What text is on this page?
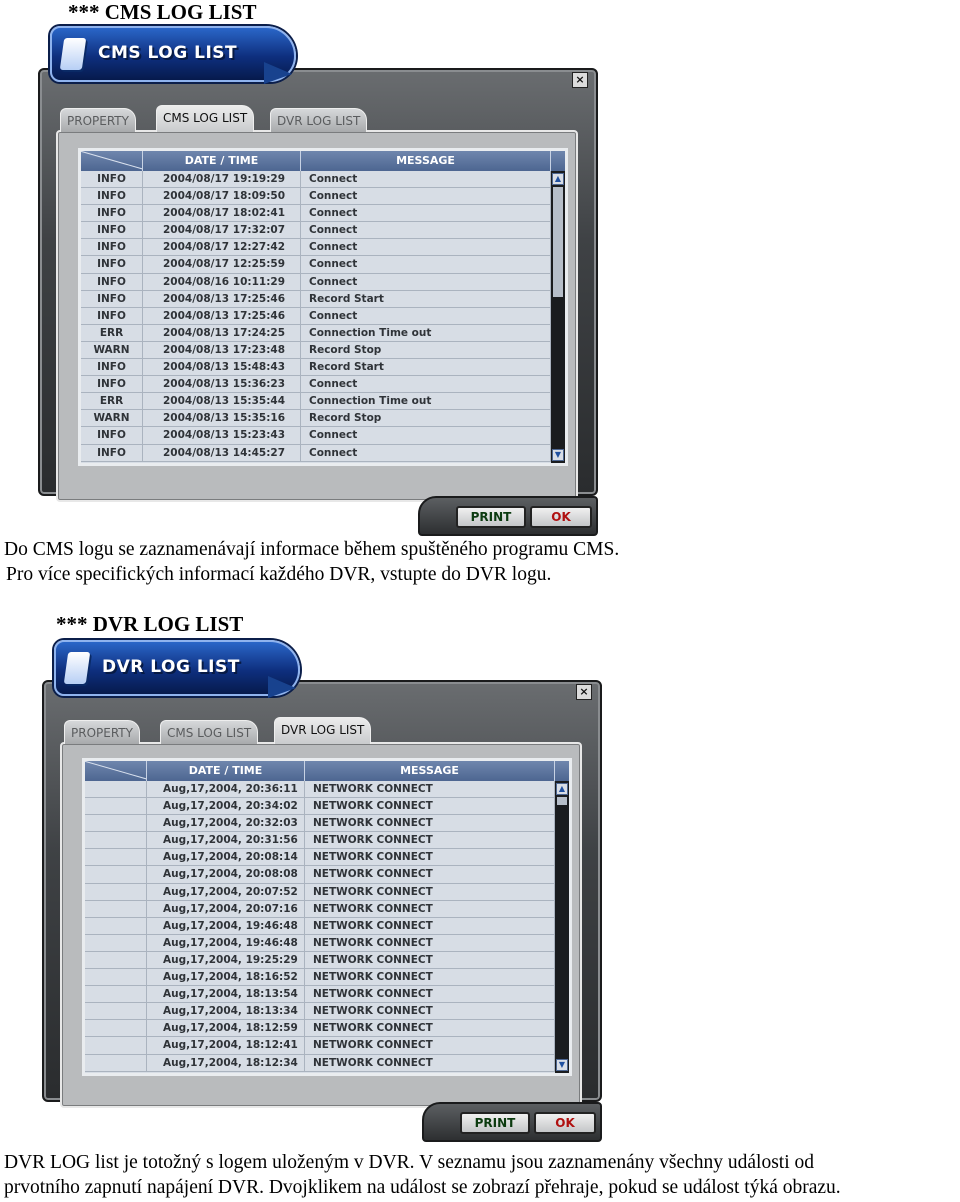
*** CMS LOG LIST
CMS LOG LIST
×
PROPERTY	CMS LOG LIST	DVR LOG LIST
DATE / TIME	MESSAGE
INFO	2004/08/17 19:19:29	Connect
INFO	2004/08/17 18:09:50	Connect
INFO	2004/08/17 18:02:41	Connect
INFO	2004/08/17 17:32:07	Connect
INFO	2004/08/17 12:27:42	Connect
INFO	2004/08/17 12:25:59	Connect
INFO	2004/08/16 10:11:29	Connect
INFO	2004/08/13 17:25:46	Record Start
INFO	2004/08/13 17:25:46	Connect
ERR	2004/08/13 17:24:25	Connection Time out
WARN	2004/08/13 17:23:48	Record Stop
INFO	2004/08/13 15:48:43	Record Start
INFO	2004/08/13 15:36:23	Connect
ERR	2004/08/13 15:35:44	Connection Time out
WARN	2004/08/13 15:35:16	Record Stop
INFO	2004/08/13 15:23:43	Connect
INFO	2004/08/13 14:45:27	Connect
▲
▼
PRINT	OK
Do CMS logu se zaznamenávají informace během spuštěného programu CMS.
Pro více specifických informací každého DVR, vstupte do DVR logu.
*** DVR LOG LIST
DVR LOG LIST
×
PROPERTY	CMS LOG LIST	DVR LOG LIST
DATE / TIME	MESSAGE
Aug,17,2004, 20:36:11	NETWORK CONNECT
Aug,17,2004, 20:34:02	NETWORK CONNECT
Aug,17,2004, 20:32:03	NETWORK CONNECT
Aug,17,2004, 20:31:56	NETWORK CONNECT
Aug,17,2004, 20:08:14	NETWORK CONNECT
Aug,17,2004, 20:08:08	NETWORK CONNECT
Aug,17,2004, 20:07:52	NETWORK CONNECT
Aug,17,2004, 20:07:16	NETWORK CONNECT
Aug,17,2004, 19:46:48	NETWORK CONNECT
Aug,17,2004, 19:46:48	NETWORK CONNECT
Aug,17,2004, 19:25:29	NETWORK CONNECT
Aug,17,2004, 18:16:52	NETWORK CONNECT
Aug,17,2004, 18:13:54	NETWORK CONNECT
Aug,17,2004, 18:13:34	NETWORK CONNECT
Aug,17,2004, 18:12:59	NETWORK CONNECT
Aug,17,2004, 18:12:41	NETWORK CONNECT
Aug,17,2004, 18:12:34	NETWORK CONNECT
▲
▼
PRINT	OK
DVR LOG list je totožný s logem uloženým v DVR. V seznamu jsou zaznamenány všechny události od
prvotního zapnutí napájení DVR. Dvojklikem na událost se zobrazí přehraje, pokud se událost týká obrazu.
